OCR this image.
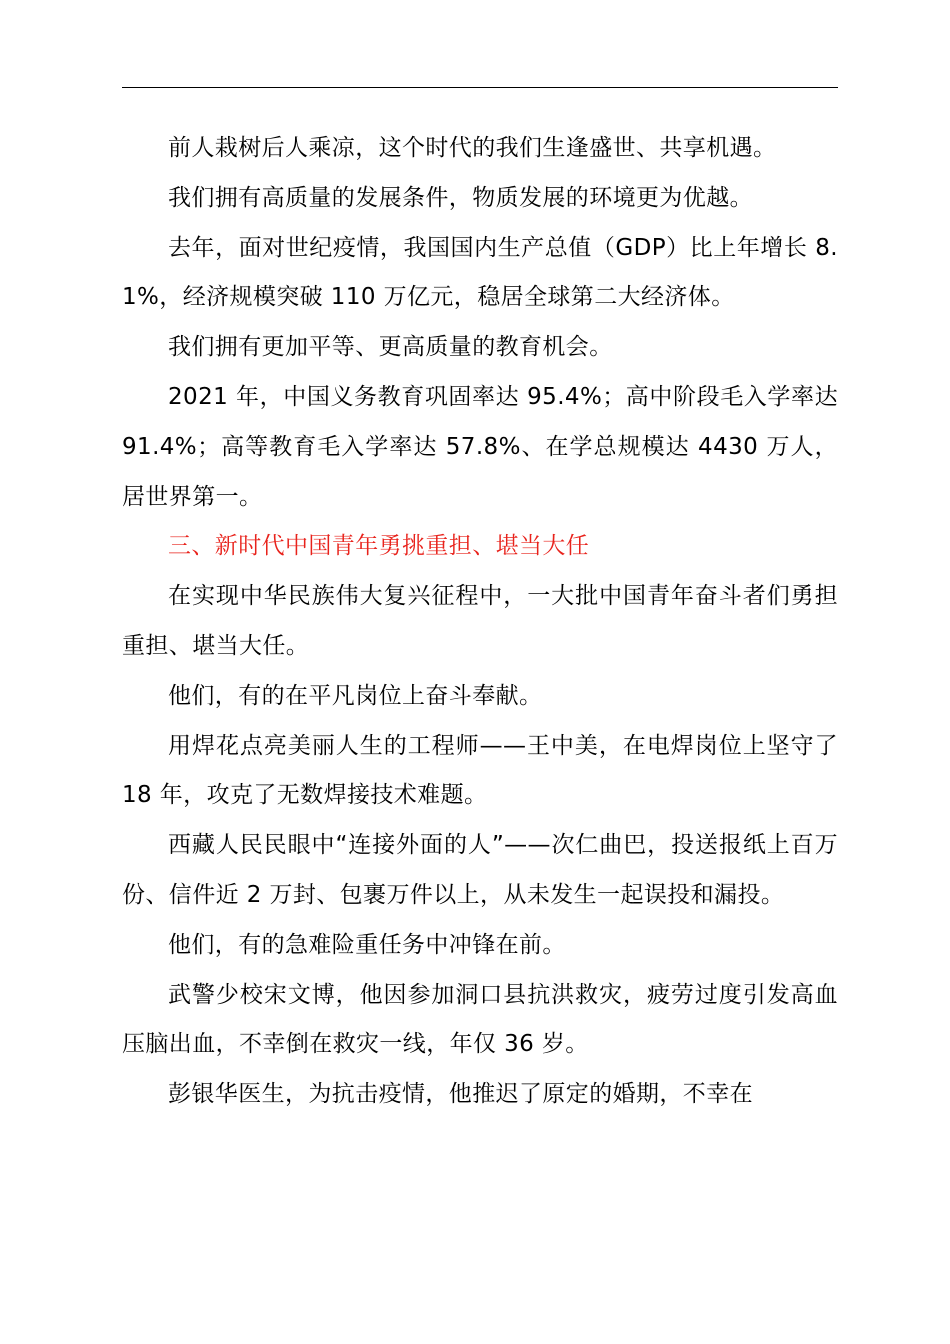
前人栽树后人乘凉，这个时代的我们生逢盛世、共享机遇。

我们拥有高质量的发展条件，物质发展的环境更为优越。

去年，面对世纪疫情，我国国内生产总值（GDP）比上年增长 8.1%，经济规模突破 110 万亿元，稳居全球第二大经济体。

我们拥有更加平等、更高质量的教育机会。

2021 年，中国义务教育巩固率达 95.4%；高中阶段毛入学率达 91.4%；高等教育毛入学率达 57.8%、在学总规模达 4430 万人，居世界第一。

三、新时代中国青年勇挑重担、堪当大任

在实现中华民族伟大复兴征程中，一大批中国青年奋斗者们勇担重担、堪当大任。

他们，有的在平凡岗位上奋斗奉献。

用焊花点亮美丽人生的工程师——王中美，在电焊岗位上坚守了 18 年，攻克了无数焊接技术难题。

西藏人民民眼中“连接外面的人”——次仁曲巴，投送报纸上百万份、信件近 2 万封、包裹万件以上，从未发生一起误投和漏投。

他们，有的急难险重任务中冲锋在前。

武警少校宋文博，他因参加洞口县抗洪救灾，疲劳过度引发高血压脑出血，不幸倒在救灾一线，年仅 36 岁。

彭银华医生，为抗击疫情，他推迟了原定的婚期，不幸在
